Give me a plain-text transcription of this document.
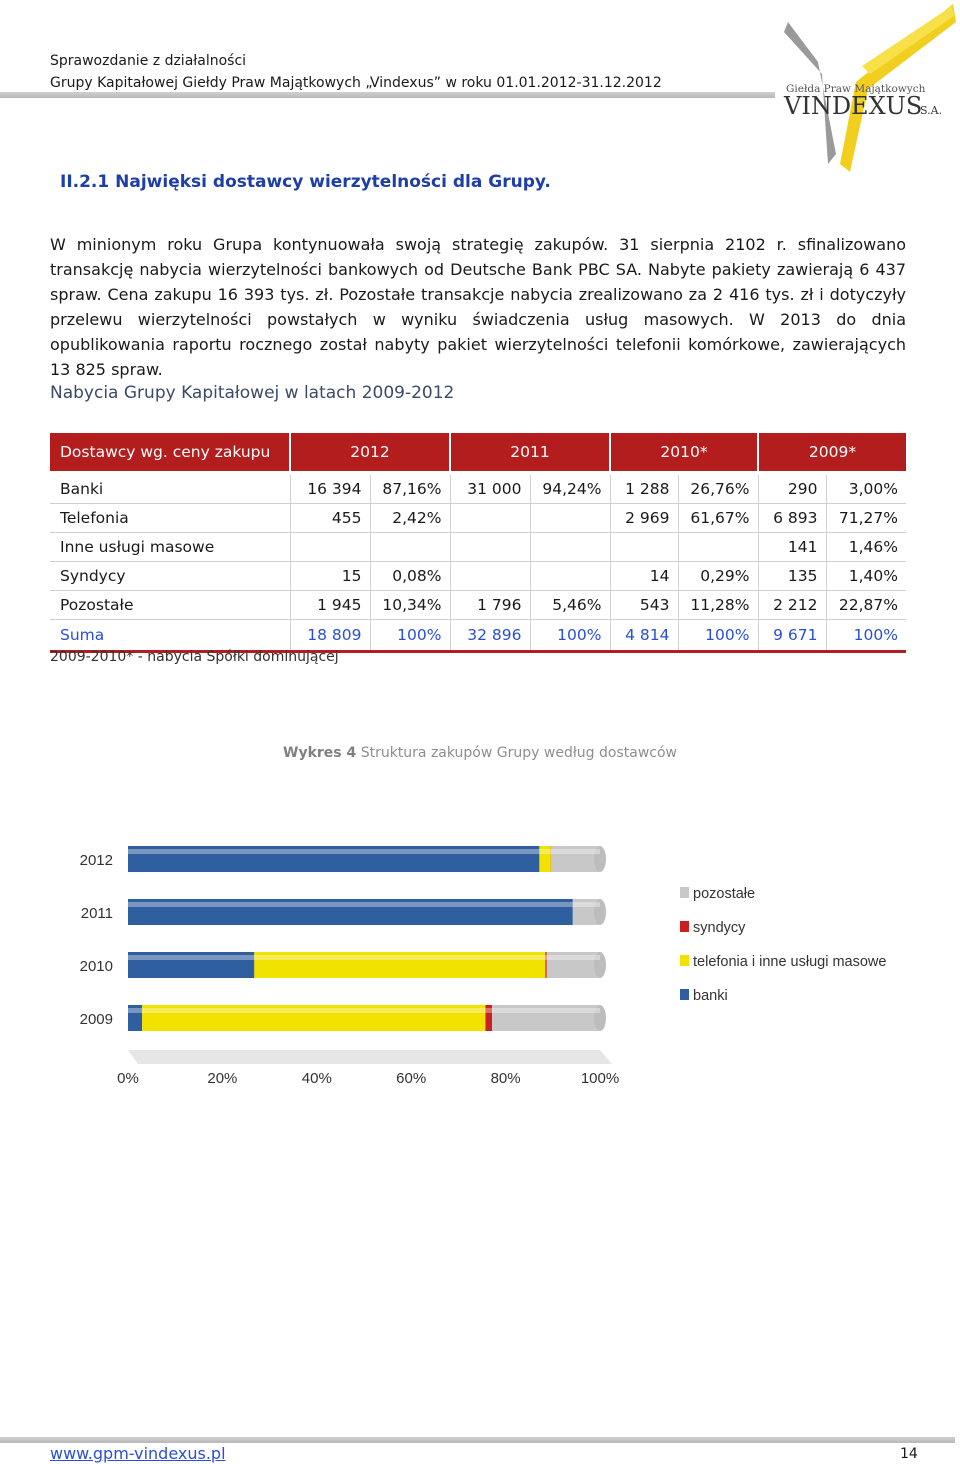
Sprawozdanie z działalności
Grupy Kapitałowej Giełdy Praw Majątkowych „Vindexus” w roku 01.01.2012-31.12.2012	Giełda Praw Majątkowych
VINDEXUS
S.A.
II.2.1 Najwięksi dostawcy wierzytelności dla Grupy.
W minionym roku Grupa kontynuowała swoją strategię zakupów. 31 sierpnia 2102 r. sfinalizowano transakcję nabycia wierzytelności bankowych od Deutsche Bank PBC SA. Nabyte pakiety zawierają 6 437 spraw. Cena zakupu 16 393 tys. zł. Pozostałe transakcje nabycia zrealizowano za 2 416 tys. zł i dotyczyły przelewu wierzytelności powstałych w wyniku świadczenia usług masowych. W 2013 do dnia opublikowania raportu rocznego został nabyty pakiet wierzytelności telefonii komórkowe, zawierających 13 825 spraw.
Nabycia Grupy Kapitałowej w latach 2009-2012
Dostawcy wg. ceny zakupu	2012		2011		2010*		2009*	

Banki	16 394	87,16%	31 000	94,24%	1 288	26,76%	290	3,00%
Telefonia	455	2,42%			2 969	61,67%	6 893	71,27%
Inne usługi masowe							141	1,46%
Syndycy	15	0,08%			14	0,29%	135	1,40%
Pozostałe	1 945	10,34%	1 796	5,46%	543	11,28%	2 212	22,87%
Suma	18 809	100%	32 896	100%	4 814	100%	9 671	100%
2009-2010* - nabycia Spółki dominującej
Wykres 4 Struktura zakupów Grupy według dostawców
2012
2011
2010
2009
0%	20%	40%	60%	80%	100%
pozostałe
syndycy
telefonia i inne usługi masowe
banki
www.gpm-vindexus.pl	14
